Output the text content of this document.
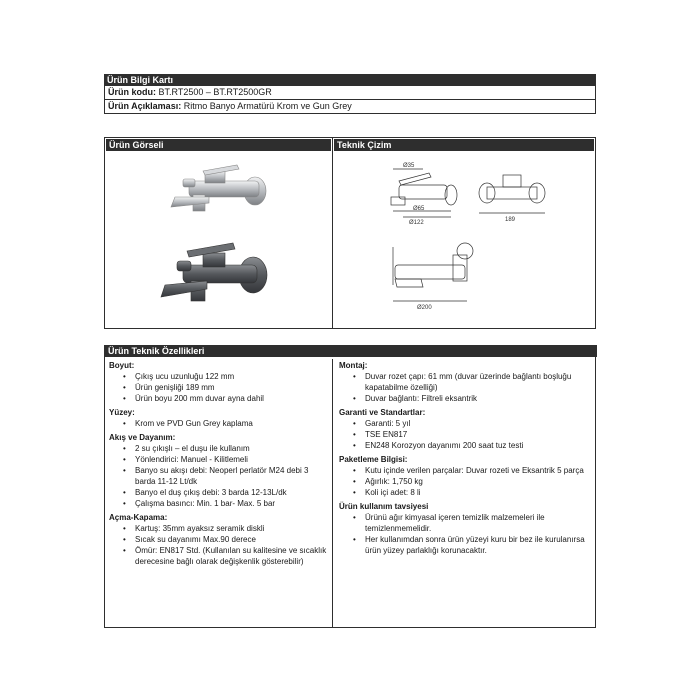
Ürün Bilgi Kartı
Ürün kodu: BT.RT2500 – BT.RT2500GR
Ürün Açıklaması: Ritmo Banyo Armatürü Krom ve Gun Grey
Ürün Görseli	Teknik Çizim
Ø35
Ø65
Ø122	189
Ø200
Ürün Teknik Özellikleri
Boyut:
• Çıkış ucu uzunluğu 122 mm
• Ürün genişliği 189 mm
• Ürün boyu 200 mm duvar ayna dahil
Yüzey:
• Krom ve PVD Gun Grey kaplama
Akış ve Dayanım:
• 2 su çıkışlı – el duşu ile kullanım
• Yönlendirici: Manuel - Kilitlemeli
• Banyo su akışı debi: Neoperl perlatör M24 debi 3 barda 11-12 Lt/dk
• Banyo el duş çıkış debi: 3 barda 12-13L/dk
• Çalışma basıncı: Min. 1 bar- Max. 5 bar
Açma-Kapama:
• Kartuş: 35mm ayaksız seramik diskli
• Sıcak su dayanımı Max.90 derece
• Ömür: EN817 Std. (Kullanılan su kalitesine ve sıcaklık derecesine bağlı olarak değişkenlik gösterebilir)
Montaj:
• Duvar rozet çapı: 61 mm (duvar üzerinde bağlantı boşluğu kapatabilme özelliği)
• Duvar bağlantı: Filtreli eksantrik
Garanti ve Standartlar:
• Garanti: 5 yıl
• TSE EN817
• EN248 Korozyon dayanımı 200 saat tuz testi
Paketleme Bilgisi:
• Kutu içinde verilen parçalar: Duvar rozeti ve Eksantrik 5 parça
• Ağırlık: 1,750 kg
• Koli içi adet: 8 li
Ürün kullanım tavsiyesi
• Ürünü ağır kimyasal içeren temizlik malzemeleri ile temizlenmemelidir.
• Her kullanımdan sonra ürün yüzeyi kuru bir bez ile kurulanırsa ürün yüzey parlaklığı korunacaktır.
